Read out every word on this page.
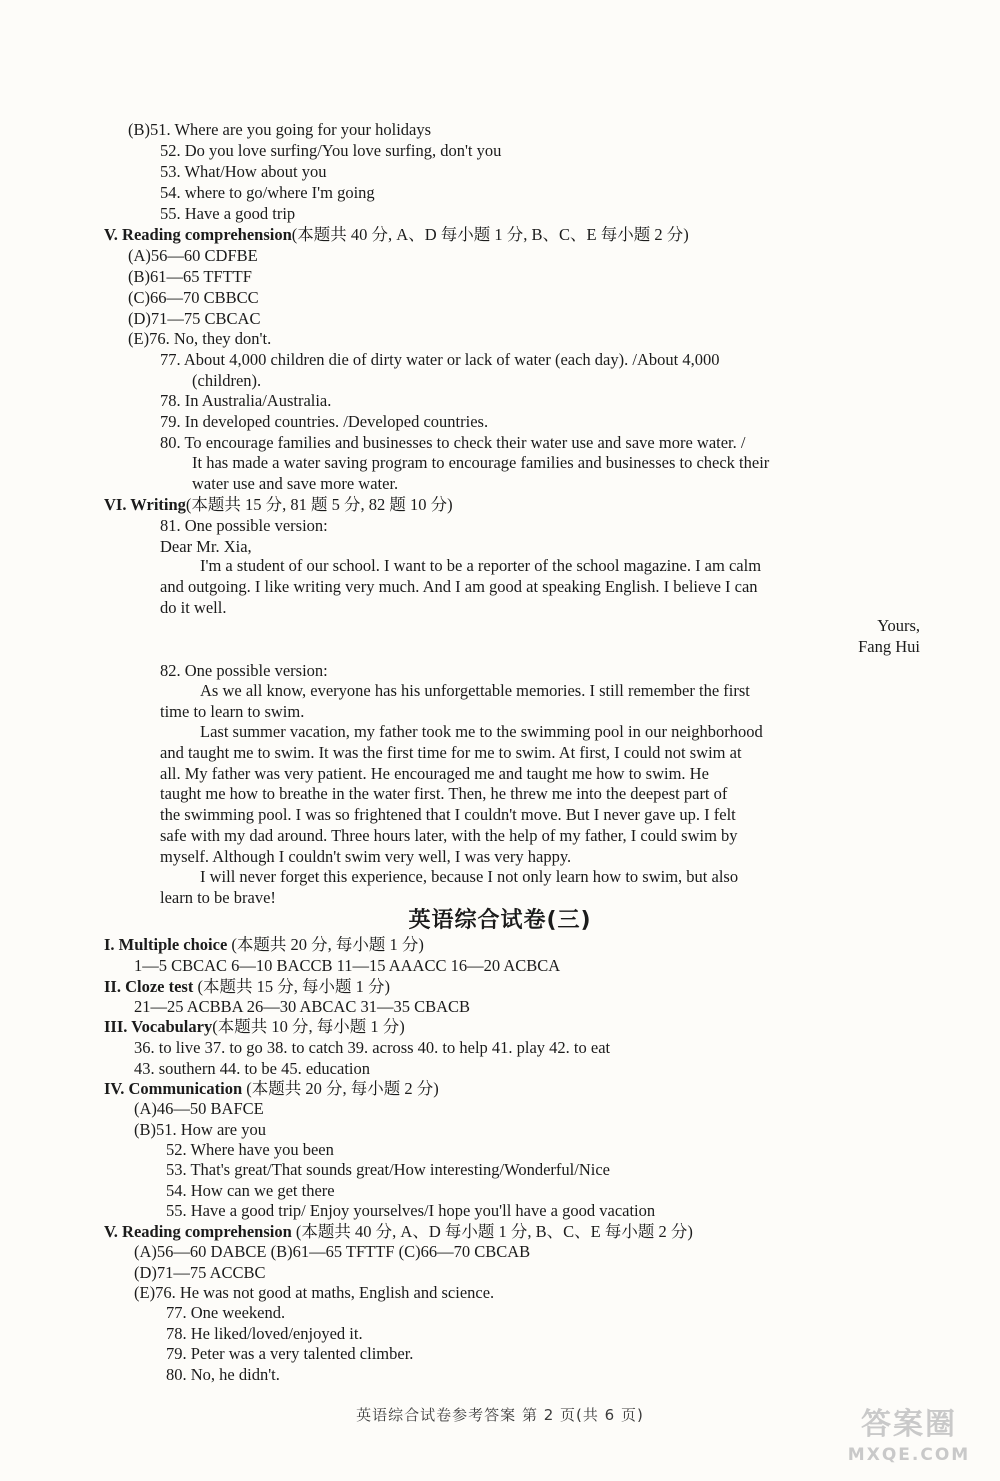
(B)51. Where are you going for your holidays
52. Do you love surfing/You love surfing, don't you
53. What/How about you
54. where to go/where I'm going
55. Have a good trip
V. Reading comprehension(本题共 40 分, A、D 每小题 1 分, B、C、E 每小题 2 分)
(A)56—60 CDFBE
(B)61—65 TFTTF
(C)66—70 CBBCC
(D)71—75 CBCAC
(E)76. No, they don't.
77. About 4,000 children die of dirty water or lack of water (each day). /About 4,000
(children).
78. In Australia/Australia.
79. In developed countries. /Developed countries.
80. To encourage families and businesses to check their water use and save more water. /
It has made a water saving program to encourage families and businesses to check their
water use and save more water.
VI. Writing(本题共 15 分, 81 题 5 分, 82 题 10 分)
81. One possible version:
Dear Mr. Xia,
I'm a student of our school. I want to be a reporter of the school magazine. I am calm
and outgoing. I like writing very much. And I am good at speaking English. I believe I can
do it well.
Yours,
Fang Hui
82. One possible version:
As we all know, everyone has his unforgettable memories. I still remember the first
time to learn to swim.
Last summer vacation, my father took me to the swimming pool in our neighborhood
and taught me to swim. It was the first time for me to swim. At first, I could not swim at
all. My father was very patient. He encouraged me and taught me how to swim. He
taught me how to breathe in the water first. Then, he threw me into the deepest part of
the swimming pool. I was so frightened that I couldn't move. But I never gave up. I felt
safe with my dad around. Three hours later, with the help of my father, I could swim by
myself. Although I couldn't swim very well, I was very happy.
I will never forget this experience, because I not only learn how to swim, but also
learn to be brave!
英语综合试卷(三)
I. Multiple choice (本题共 20 分, 每小题 1 分)
1—5 CBCAC 6—10 BACCB 11—15 AAACC 16—20 ACBCA
II. Cloze test (本题共 15 分, 每小题 1 分)
21—25 ACBBA 26—30 ABCAC 31—35 CBACB
III. Vocabulary(本题共 10 分, 每小题 1 分)
36. to live 37. to go 38. to catch 39. across 40. to help 41. play 42. to eat
43. southern 44. to be 45. education
IV. Communication (本题共 20 分, 每小题 2 分)
(A)46—50 BAFCE
(B)51. How are you
52. Where have you been
53. That's great/That sounds great/How interesting/Wonderful/Nice
54. How can we get there
55. Have a good trip/ Enjoy yourselves/I hope you'll have a good vacation
V. Reading comprehension (本题共 40 分, A、D 每小题 1 分, B、C、E 每小题 2 分)
(A)56—60 DABCE (B)61—65 TFTTF (C)66—70 CBCAB
(D)71—75 ACCBC
(E)76. He was not good at maths, English and science.
77. One weekend.
78. He liked/loved/enjoyed it.
79. Peter was a very talented climber.
80. No, he didn't.
英语综合试卷参考答案 第 2 页(共 6 页)	答案圈
MXQE.COM
